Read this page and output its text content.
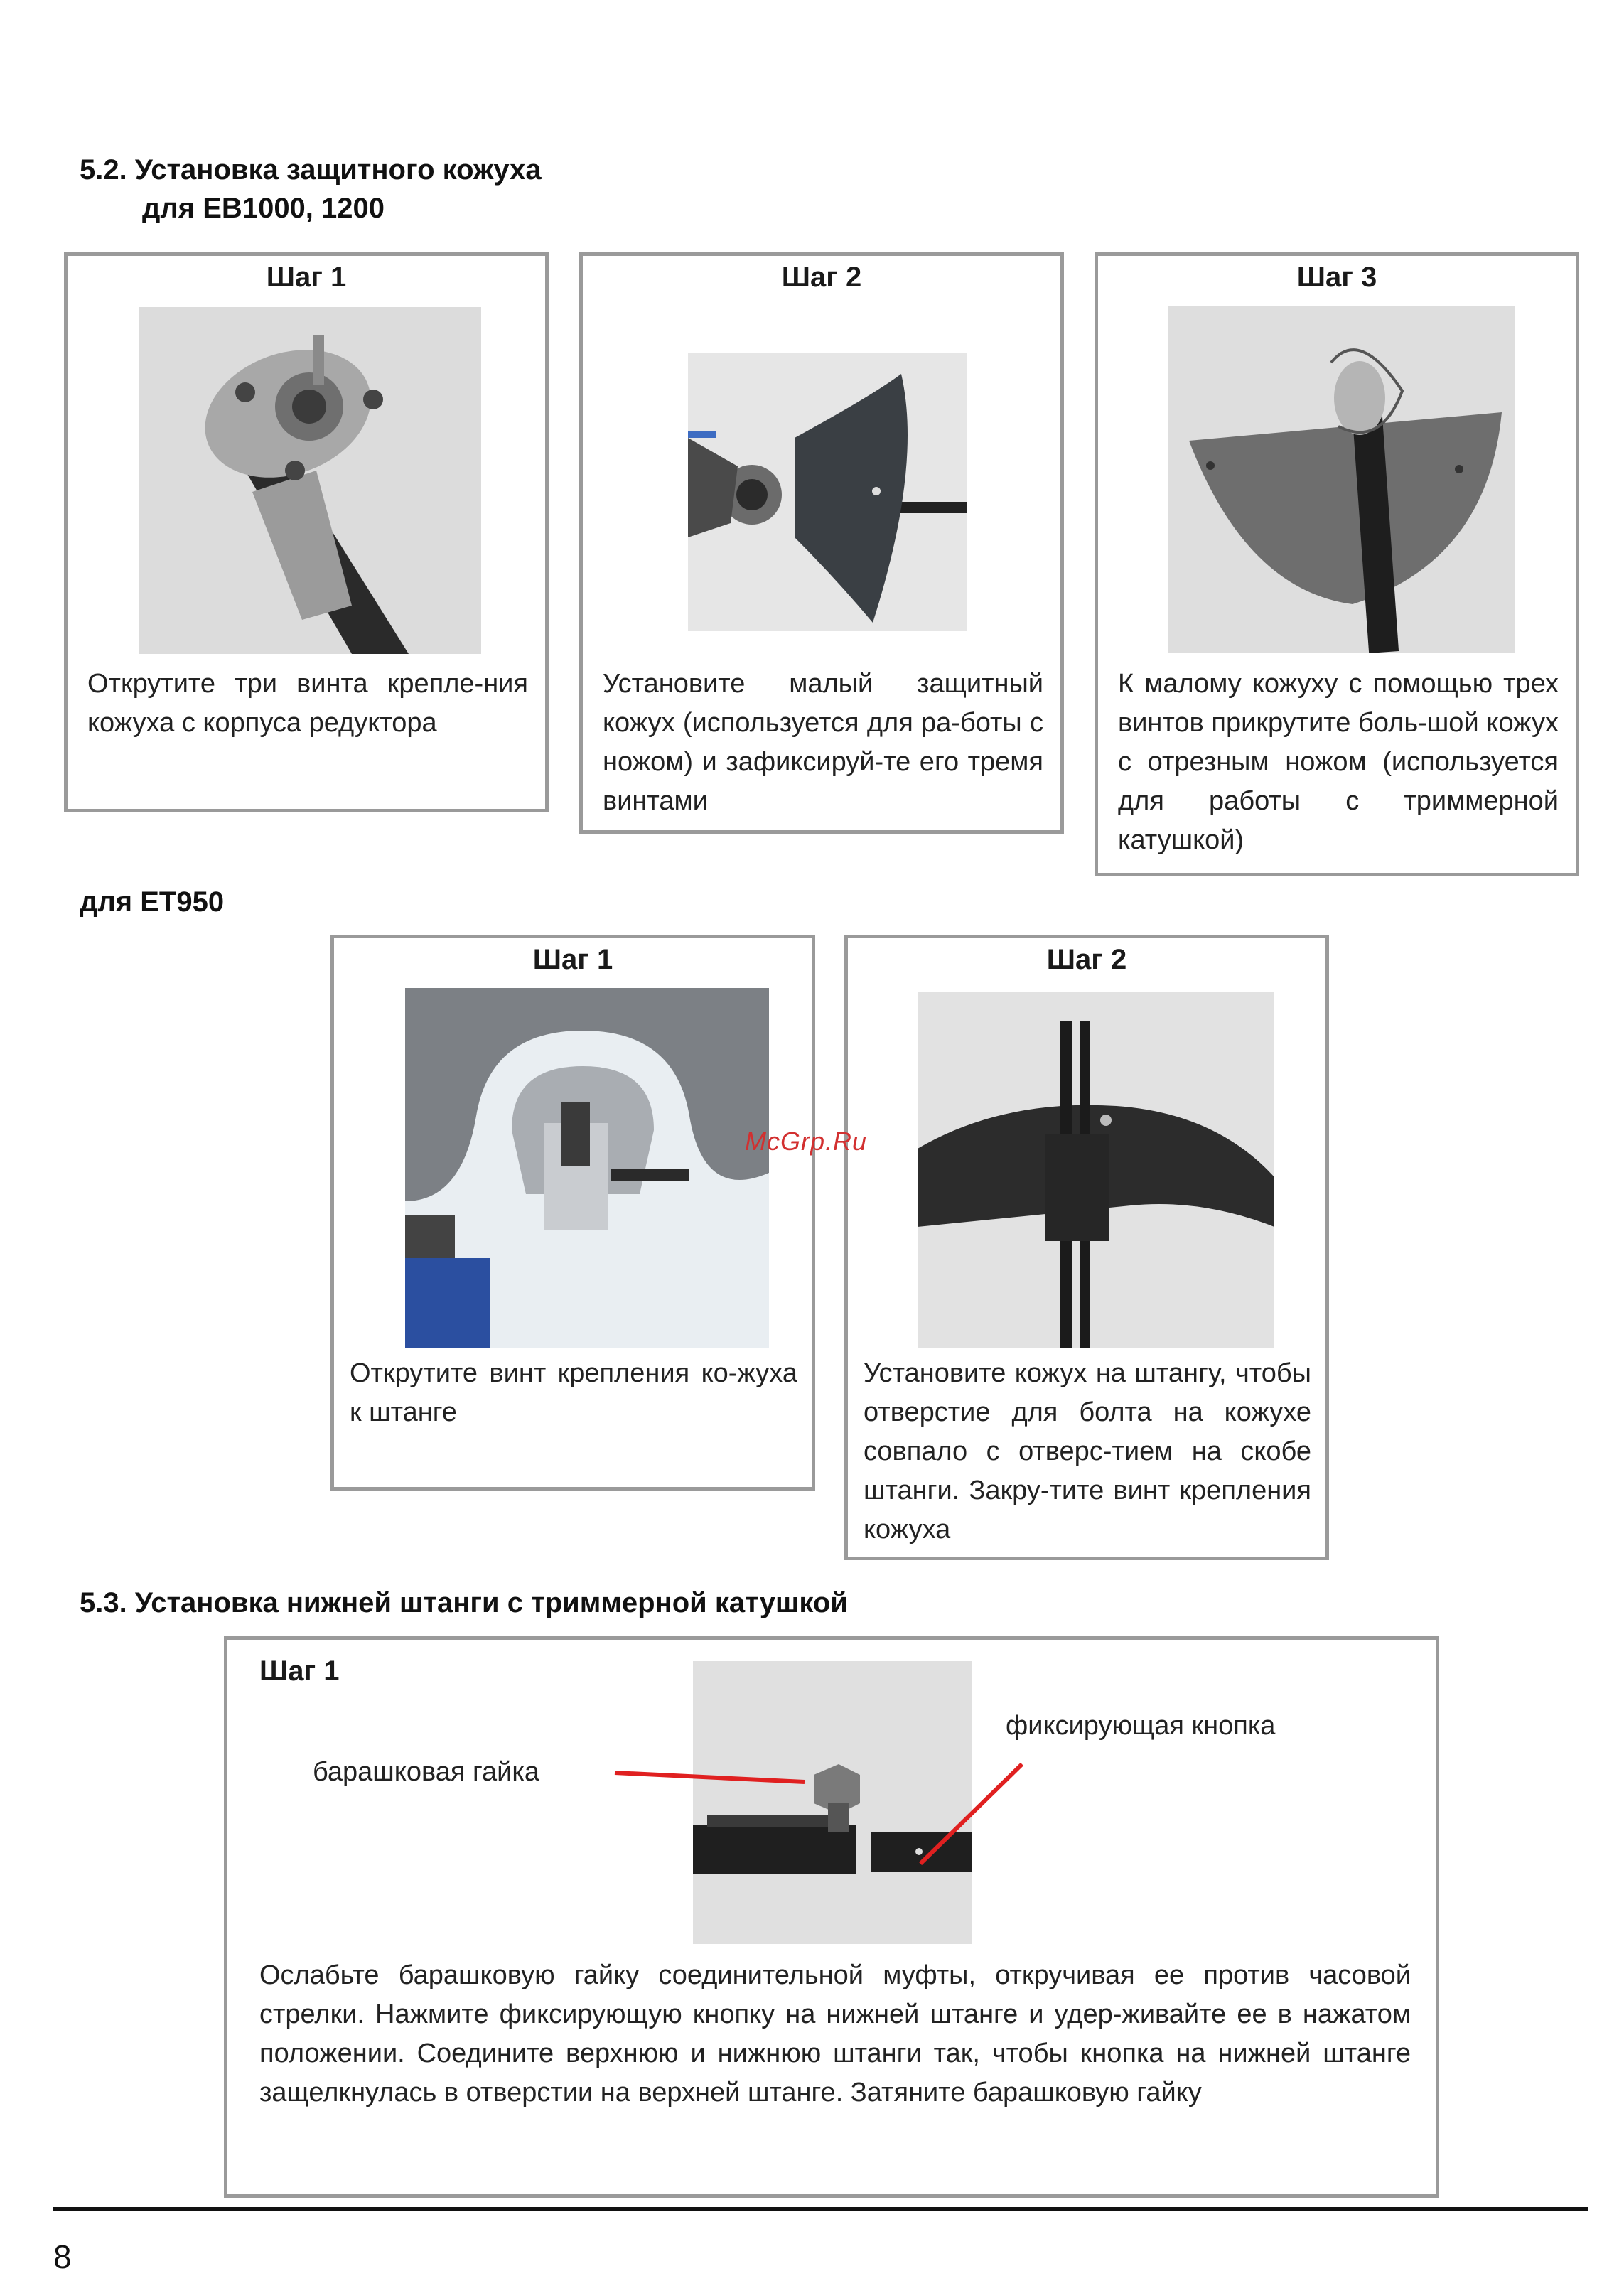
5.2. Установка защитного кожуха
для ЕВ1000, 1200
Шаг 1
Открутите три винта крепле-ния кожуха с корпуса редуктора
Шаг 2
Установите малый защитный кожух (используется для ра-боты с ножом) и зафиксируй-те его тремя винтами
Шаг 3
К малому кожуху с помощью трех винтов прикрутите боль-шой кожух с отрезным ножом (используется для работы с триммерной катушкой)
для ЕТ950
Шаг 1
Открутите винт крепления ко-жуха к штанге
Шаг 2
Установите кожух на штангу, чтобы отверстие для болта на кожухе совпало с отверс-тием на скобе штанги. Закру-тите винт крепления кожуха
McGrp.Ru
5.3. Установка нижней штанги с триммерной катушкой
Шаг 1
барашковая гайка
фиксирующая кнопка
Ослабьте барашковую гайку соединительной муфты, откручивая ее против часовой стрелки. Нажмите фиксирующую кнопку на нижней штанге и удер-живайте ее в нажатом положении. Соедините верхнюю и нижнюю штанги так, чтобы кнопка на нижней штанге защелкнулась в отверстии на верхней штанге. Затяните барашковую гайку
8
